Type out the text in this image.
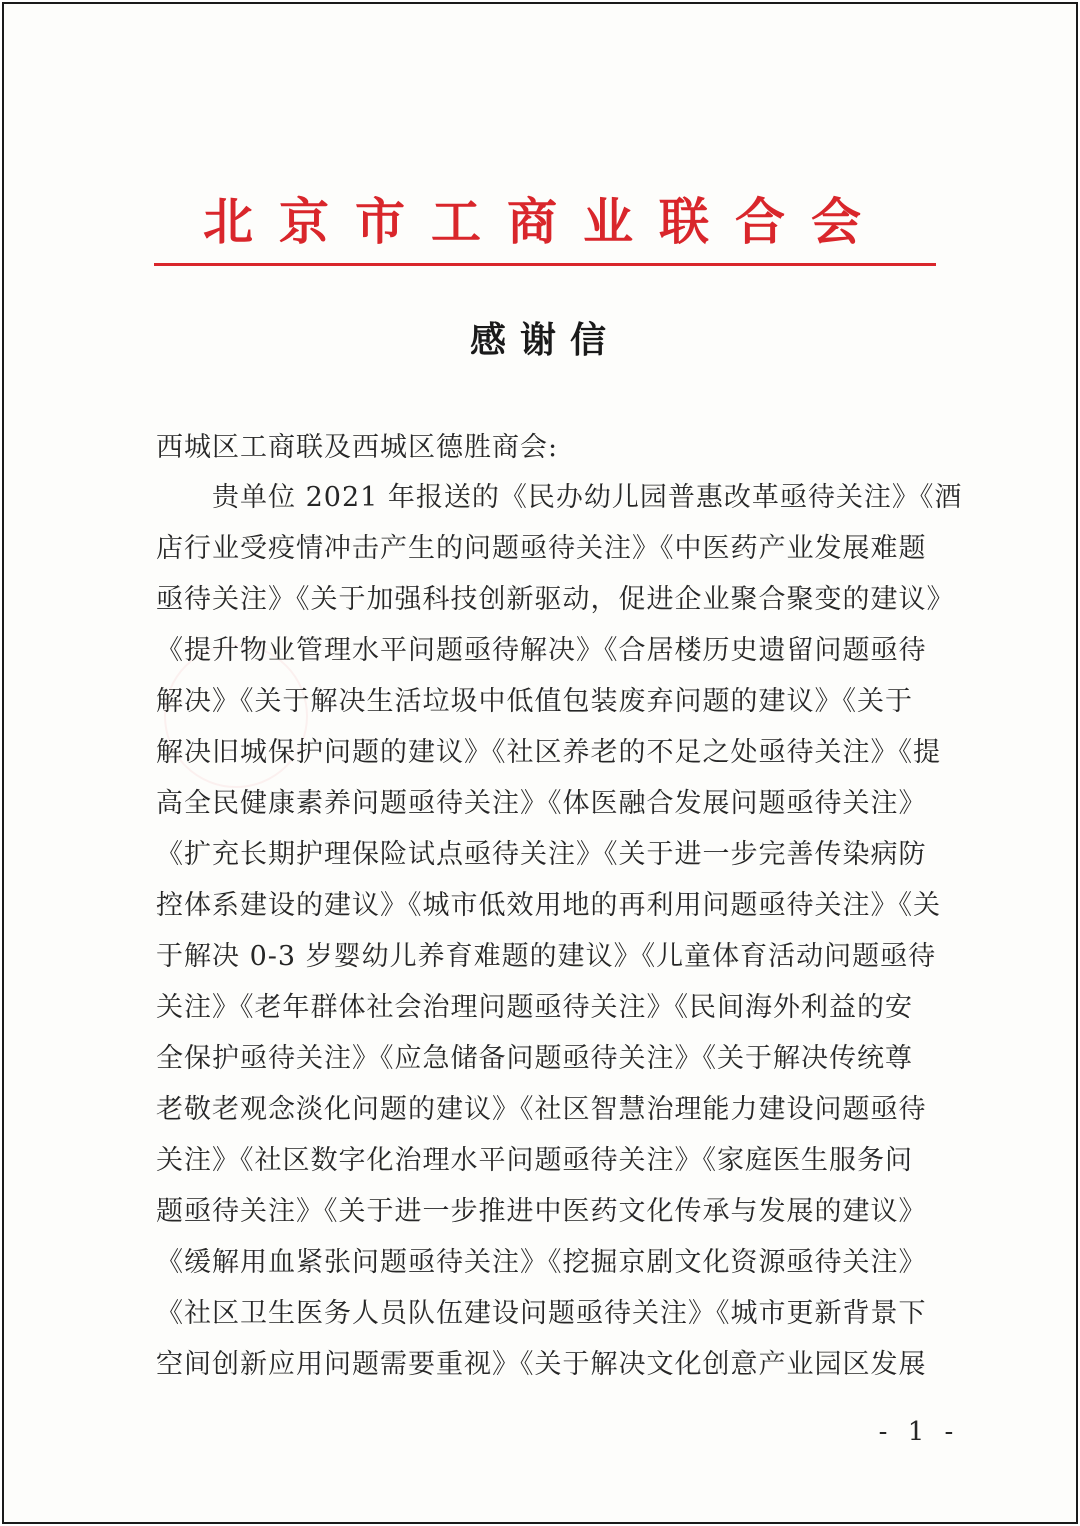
北京市工商业联合会
感谢信
西城区工商联及西城区德胜商会:
　　贵单位 2021 年报送的《民办幼儿园普惠改革亟待关注》《酒
店行业受疫情冲击产生的问题亟待关注》《中医药产业发展难题
亟待关注》《关于加强科技创新驱动，促进企业聚合聚变的建议》
《提升物业管理水平问题亟待解决》《合居楼历史遗留问题亟待
解决》《关于解决生活垃圾中低值包装废弃问题的建议》《关于
解决旧城保护问题的建议》《社区养老的不足之处亟待关注》《提
高全民健康素养问题亟待关注》《体医融合发展问题亟待关注》
《扩充长期护理保险试点亟待关注》《关于进一步完善传染病防
控体系建设的建议》《城市低效用地的再利用问题亟待关注》《关
于解决 0-3 岁婴幼儿养育难题的建议》《儿童体育活动问题亟待
关注》《老年群体社会治理问题亟待关注》《民间海外利益的安
全保护亟待关注》《应急储备问题亟待关注》《关于解决传统尊
老敬老观念淡化问题的建议》《社区智慧治理能力建设问题亟待
关注》《社区数字化治理水平问题亟待关注》《家庭医生服务问
题亟待关注》《关于进一步推进中医药文化传承与发展的建议》
《缓解用血紧张问题亟待关注》《挖掘京剧文化资源亟待关注》
《社区卫生医务人员队伍建设问题亟待关注》《城市更新背景下
空间创新应用问题需要重视》《关于解决文化创意产业园区发展
- 1 -
